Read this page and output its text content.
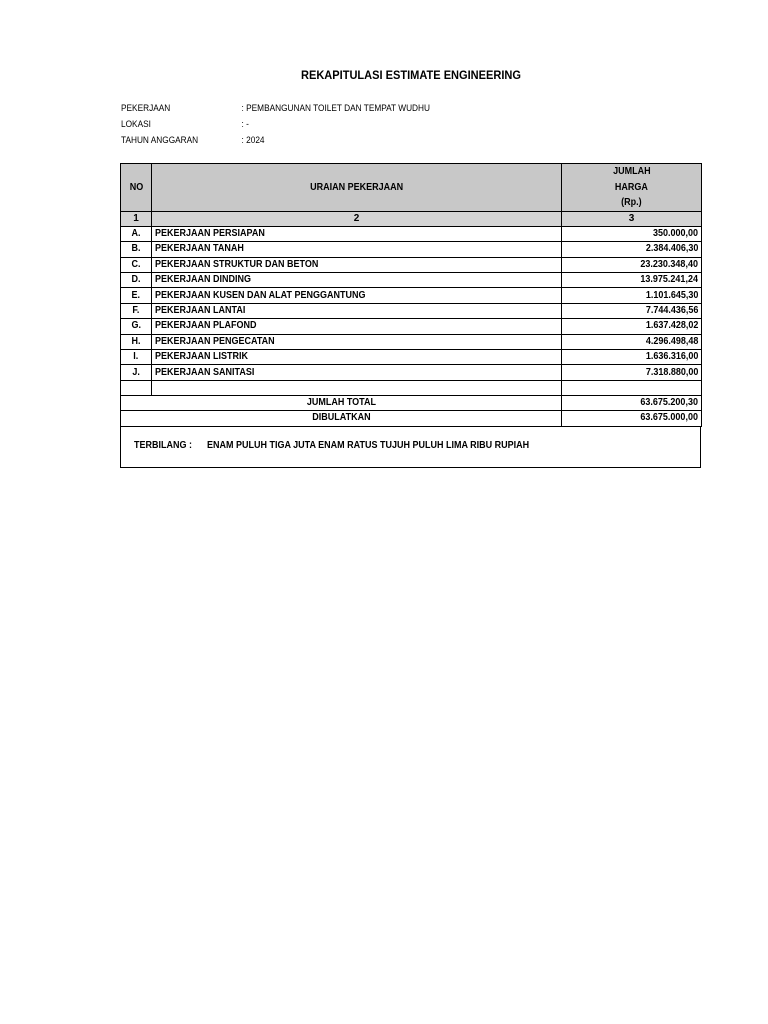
REKAPITULASI ESTIMATE ENGINEERING
PEKERJAAN	: PEMBANGUNAN TOILET DAN TEMPAT WUDHU
LOKASI	: -
TAHUN ANGGARAN	: 2024
NO	URAIAN PEKERJAAN	JUMLAH
HARGA
(Rp.)

1	2	3
A.	PEKERJAAN PERSIAPAN	350.000,00
B.	PEKERJAAN TANAH	2.384.406,30
C.	PEKERJAAN STRUKTUR DAN BETON	23.230.348,40
D.	PEKERJAAN DINDING	13.975.241,24
E.	PEKERJAAN KUSEN DAN ALAT PENGGANTUNG	1.101.645,30
F.	PEKERJAAN LANTAI	7.744.436,56
G.	PEKERJAAN PLAFOND	1.637.428,02
H.	PEKERJAAN PENGECATAN	4.296.498,48
I.	PEKERJAAN LISTRIK	1.636.316,00
J.	PEKERJAAN SANITASI	7.318.880,00

JUMLAH TOTAL		63.675.200,30
DIBULATKAN		63.675.000,00
TERBILANG : ENAM PULUH TIGA JUTA ENAM RATUS TUJUH PULUH LIMA RIBU RUPIAH
